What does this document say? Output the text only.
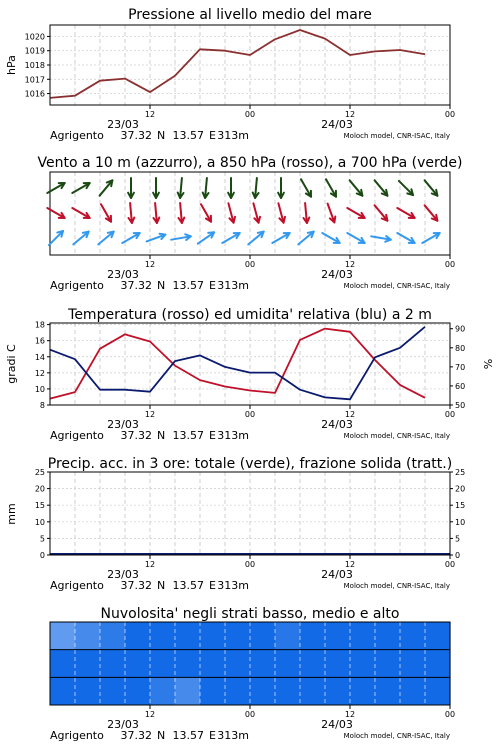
Pressione al livello medio del mare
1016
1017
1018
1019
1020
hPa
12	00	12	00
23/03	24/03
Agrigento 37.32 N 13.57 E 313m	Moloch model, CNR-ISAC, Italy
Vento a 10 m (azzurro), a 850 hPa (rosso), a 700 hPa (verde)
12	00	12	00
23/03	24/03
Agrigento 37.32 N 13.57 E 313m	Moloch model, CNR-ISAC, Italy
Temperatura (rosso) ed umidita' relativa (blu) a 2 m
8
10
12
14
16
18
50
60
70
80
90
gradi C	%
12	00	12	00
23/03	24/03
Agrigento 37.32 N 13.57 E 313m	Moloch model, CNR-ISAC, Italy
Precip. acc. in 3 ore: totale (verde), frazione solida (tratt.)
0	0
5	5
10	10
15	15
20	20
25	25
mm
12	00	12	00
23/03	24/03
Agrigento 37.32 N 13.57 E 313m	Moloch model, CNR-ISAC, Italy
Nuvolosita' negli strati basso, medio e alto
12	00	12	00
23/03	24/03
Agrigento 37.32 N 13.57 E 313m	Moloch model, CNR-ISAC, Italy
